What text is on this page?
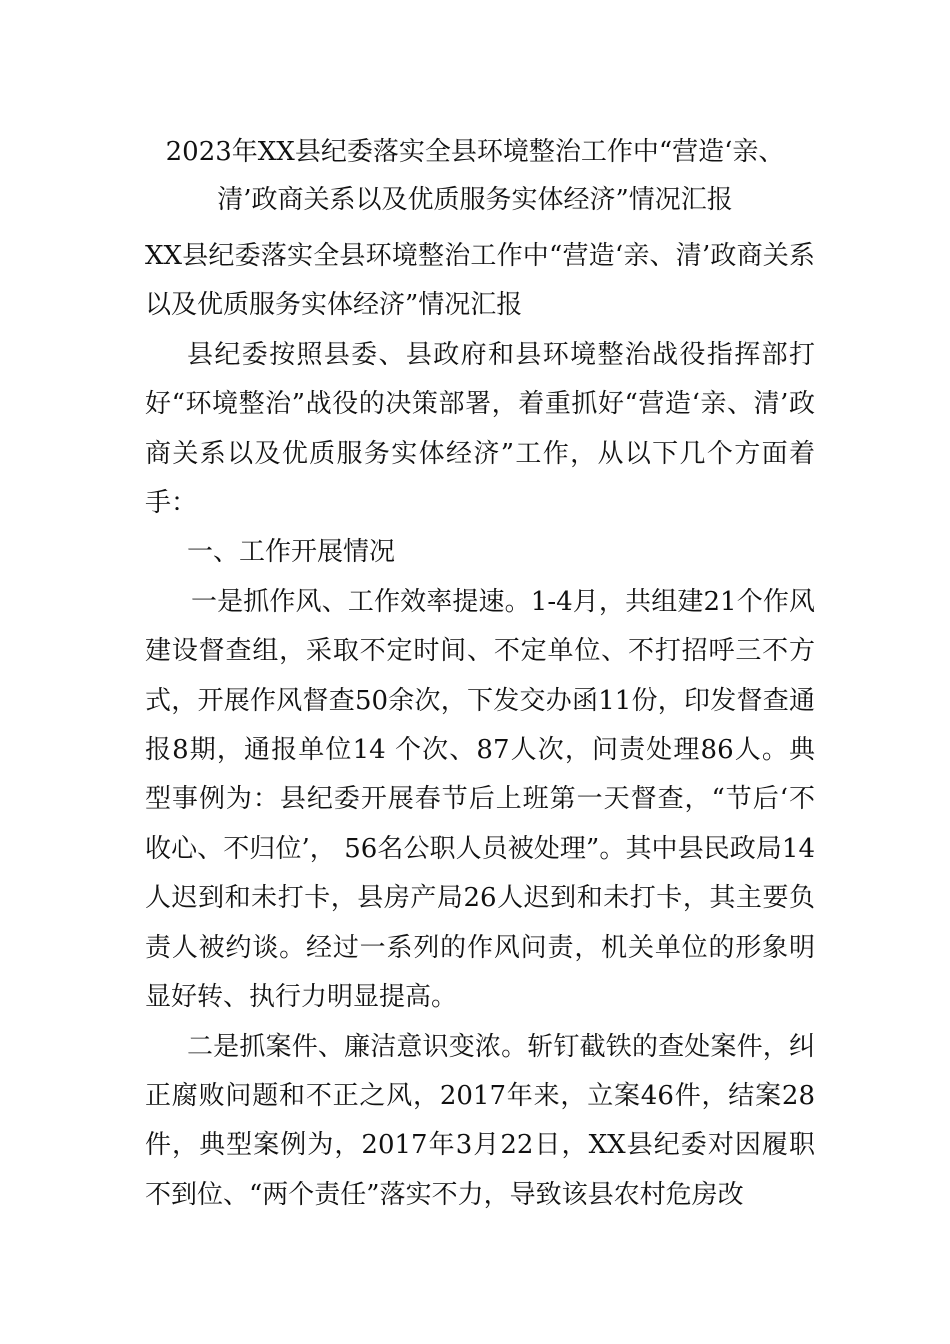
2023年XX县纪委落实全县环境整治工作中“营造‘亲、
清’政商关系以及优质服务实体经济”情况汇报

XX县纪委落实全县环境整治工作中“营造‘亲、清’政商关系以及优质服务实体经济”情况汇报

县纪委按照县委、县政府和县环境整治战役指挥部打好“环境整治”战役的决策部署，着重抓好“营造‘亲、清’政商关系以及优质服务实体经济”工作，从以下几个方面着手：

一、工作开展情况

一是抓作风、工作效率提速。1-4月，共组建21个作风建设督查组，采取不定时间、不定单位、不打招呼三不方式，开展作风督查50余次，下发交办函11份，印发督查通报8期，通报单位14 个次、87人次，问责处理86人。典型事例为：县纪委开展春节后上班第一天督查，“节后‘不收心、不归位’， 56名公职人员被处理”。其中县民政局14人迟到和未打卡，县房产局26人迟到和未打卡，其主要负责人被约谈。经过一系列的作风问责，机关单位的形象明显好转、执行力明显提高。

二是抓案件、廉洁意识变浓。斩钉截铁的查处案件，纠正腐败问题和不正之风，2017年来，立案46件，结案28件，典型案例为，2017年3月22日，XX县纪委对因履职不到位、“两个责任”落实不力，导致该县农村危房改
